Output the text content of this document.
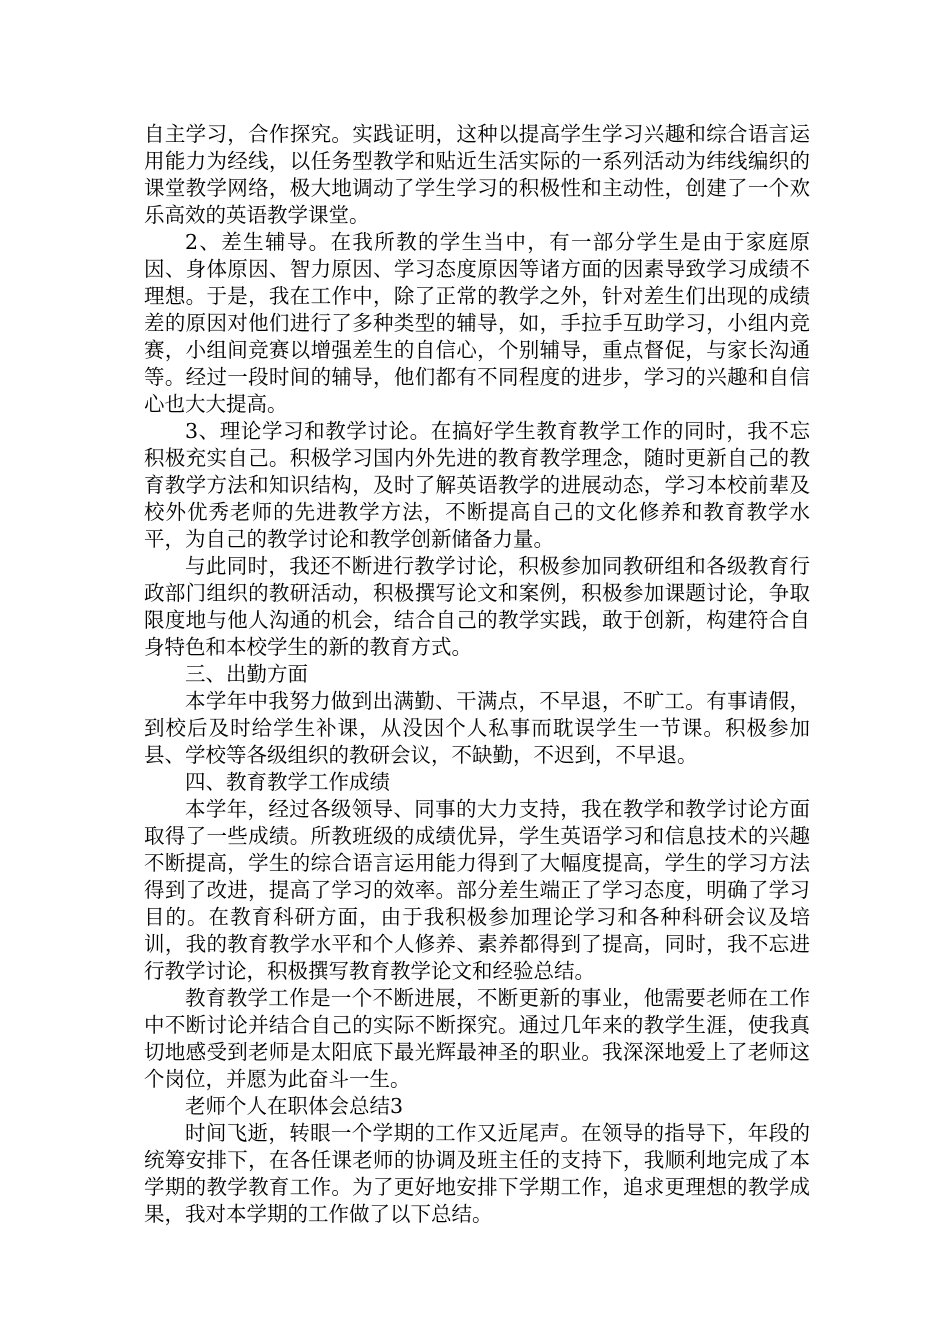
自主学习，合作探究。实践证明，这种以提高学生学习兴趣和综合语言运用能力为经线，以任务型教学和贴近生活实际的一系列活动为纬线编织的课堂教学网络，极大地调动了学生学习的积极性和主动性，创建了一个欢乐高效的英语教学课堂。

2、差生辅导。在我所教的学生当中，有一部分学生是由于家庭原因、身体原因、智力原因、学习态度原因等诸方面的因素导致学习成绩不理想。于是，我在工作中，除了正常的教学之外，针对差生们出现的成绩差的原因对他们进行了多种类型的辅导，如，手拉手互助学习，小组内竞赛，小组间竞赛以增强差生的自信心，个别辅导，重点督促，与家长沟通等。经过一段时间的辅导，他们都有不同程度的进步，学习的兴趣和自信心也大大提高。

3、理论学习和教学讨论。在搞好学生教育教学工作的同时，我不忘积极充实自己。积极学习国内外先进的教育教学理念，随时更新自己的教育教学方法和知识结构，及时了解英语教学的进展动态，学习本校前辈及校外优秀老师的先进教学方法，不断提高自己的文化修养和教育教学水平，为自己的教学讨论和教学创新储备力量。

与此同时，我还不断进行教学讨论，积极参加同教研组和各级教育行政部门组织的教研活动，积极撰写论文和案例，积极参加课题讨论，争取限度地与他人沟通的机会，结合自己的教学实践，敢于创新，构建符合自身特色和本校学生的新的教育方式。

三、出勤方面

本学年中我努力做到出满勤、干满点，不早退，不旷工。有事请假，到校后及时给学生补课，从没因个人私事而耽误学生一节课。积极参加县、学校等各级组织的教研会议，不缺勤，不迟到，不早退。

四、教育教学工作成绩

本学年，经过各级领导、同事的大力支持，我在教学和教学讨论方面取得了一些成绩。所教班级的成绩优异，学生英语学习和信息技术的兴趣不断提高，学生的综合语言运用能力得到了大幅度提高，学生的学习方法得到了改进，提高了学习的效率。部分差生端正了学习态度，明确了学习目的。在教育科研方面，由于我积极参加理论学习和各种科研会议及培训，我的教育教学水平和个人修养、素养都得到了提高，同时，我不忘进行教学讨论，积极撰写教育教学论文和经验总结。

教育教学工作是一个不断进展，不断更新的事业，他需要老师在工作中不断讨论并结合自己的实际不断探究。通过几年来的教学生涯，使我真切地感受到老师是太阳底下最光辉最神圣的职业。我深深地爱上了老师这个岗位，并愿为此奋斗一生。

老师个人在职体会总结3

时间飞逝，转眼一个学期的工作又近尾声。在领导的指导下，年段的统筹安排下，在各任课老师的协调及班主任的支持下，我顺利地完成了本学期的教学教育工作。为了更好地安排下学期工作，追求更理想的教学成果，我对本学期的工作做了以下总结。
